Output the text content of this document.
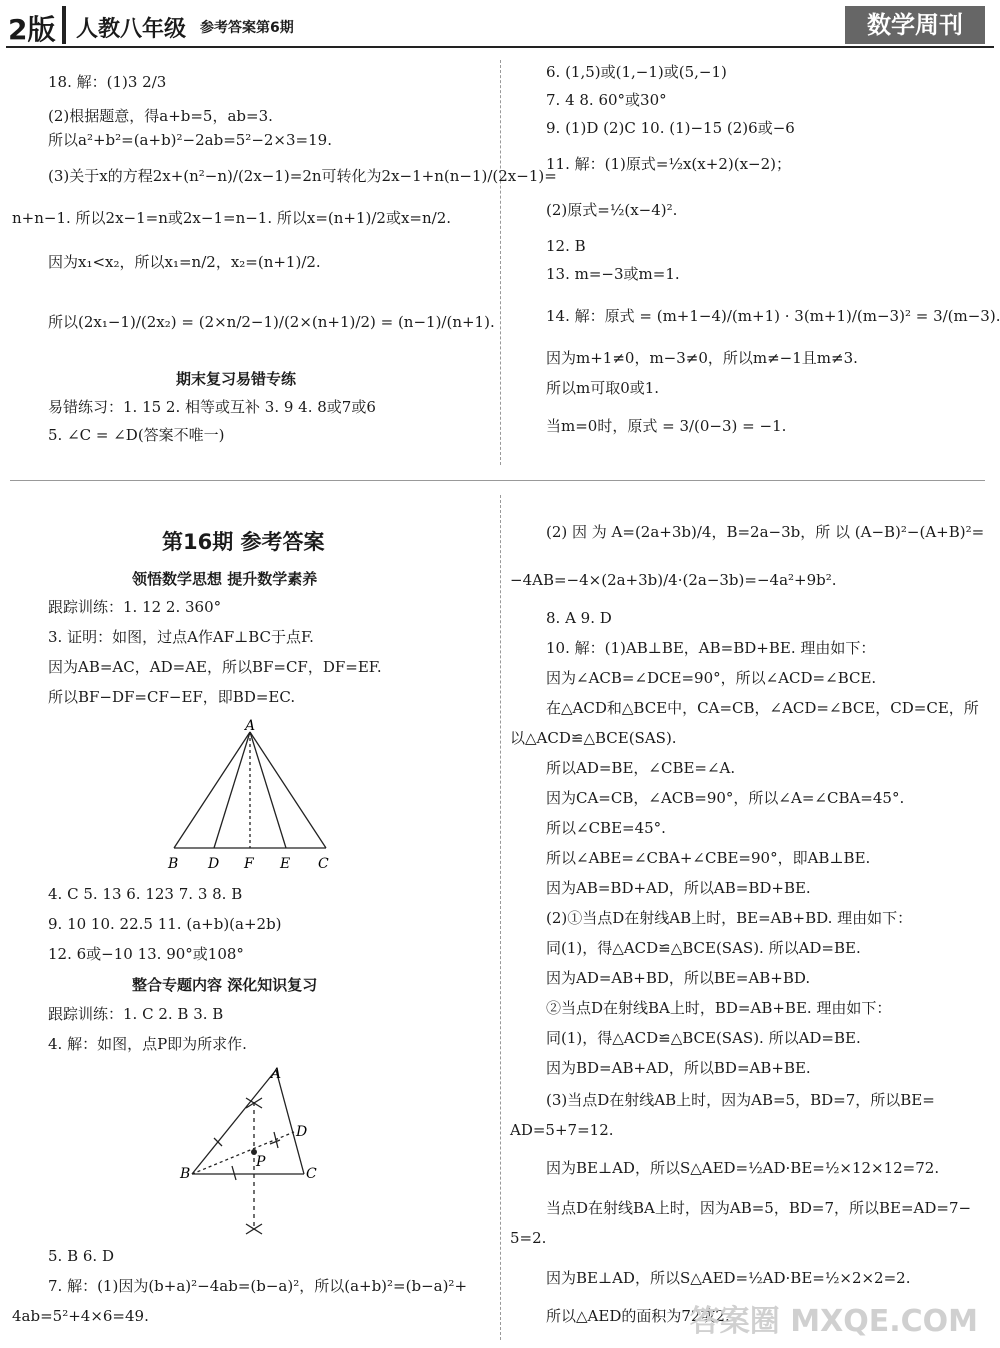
2版 人教八年级 参考答案第6期	数学周刊
18. 解：(1)3 2/3
(2)根据题意，得a+b=5，ab=3.
所以a²+b²=(a+b)²−2ab=5²−2×3=19.
(3)关于x的方程2x+(n²−n)/(2x−1)=2n可转化为2x−1+n(n−1)/(2x−1)=
n+n−1. 所以2x−1=n或2x−1=n−1. 所以x=(n+1)/2或x=n/2.
因为x₁<x₂，所以x₁=n/2，x₂=(n+1)/2.
所以(2x₁−1)/(2x₂) = (2×n/2−1)/(2×(n+1)/2) = (n−1)/(n+1).
期末复习易错专练
易错练习：1. 15 2. 相等或互补 3. 9 4. 8或7或6
5. ∠C = ∠D(答案不唯一)
6. (1,5)或(1,−1)或(5,−1)
7. 4 8. 60°或30°
9. (1)D (2)C 10. (1)−15 (2)6或−6
11. 解：(1)原式=½x(x+2)(x−2)；
(2)原式=½(x−4)².
12. B
13. m=−3或m=1.
14. 解：原式 = (m+1−4)/(m+1) · 3(m+1)/(m−3)² = 3/(m−3).
因为m+1≠0，m−3≠0，所以m≠−1且m≠3.
所以m可取0或1.
当m=0时，原式 = 3/(0−3) = −1.
第16期 参考答案
领悟数学思想 提升数学素养
跟踪训练：1. 12 2. 360°
3. 证明：如图，过点A作AF⊥BC于点F.
因为AB=AC，AD=AE，所以BF=CF，DF=EF.
所以BF−DF=CF−EF，即BD=EC.
A
B D F E C
4. C 5. 13 6. 123 7. 3 8. B
9. 10 10. 22.5 11. (a+b)(a+2b)
12. 6或−10 13. 90°或108°
整合专题内容 深化知识复习
跟踪训练：1. C 2. B 3. B
4. 解：如图，点P即为所求作.
A
B	C
D
P
5. B 6. D
7. 解：(1)因为(b+a)²−4ab=(b−a)²，所以(a+b)²=(b−a)²+
4ab=5²+4×6=49.
(2) 因 为 A=(2a+3b)/4，B=2a−3b，所 以 (A−B)²−(A+B)²=
−4AB=−4×(2a+3b)/4·(2a−3b)=−4a²+9b².
8. A 9. D
10. 解：(1)AB⊥BE，AB=BD+BE. 理由如下：
因为∠ACB=∠DCE=90°，所以∠ACD=∠BCE.
在△ACD和△BCE中，CA=CB，∠ACD=∠BCE，CD=CE，所
以△ACD≌△BCE(SAS).
所以AD=BE，∠CBE=∠A.
因为CA=CB，∠ACB=90°，所以∠A=∠CBA=45°.
所以∠CBE=45°.
所以∠ABE=∠CBA+∠CBE=90°，即AB⊥BE.
因为AB=BD+AD，所以AB=BD+BE.
(2)①当点D在射线AB上时，BE=AB+BD. 理由如下：
同(1)，得△ACD≌△BCE(SAS). 所以AD=BE.
因为AD=AB+BD，所以BE=AB+BD.
②当点D在射线BA上时，BD=AB+BE. 理由如下：
同(1)，得△ACD≌△BCE(SAS). 所以AD=BE.
因为BD=AB+AD，所以BD=AB+BE.
(3)当点D在射线AB上时，因为AB=5，BD=7，所以BE=
AD=5+7=12.
因为BE⊥AD，所以S△AED=½AD·BE=½×12×12=72.
当点D在射线BA上时，因为AB=5，BD=7，所以BE=AD=7−
5=2.
因为BE⊥AD，所以S△AED=½AD·BE=½×2×2=2.
所以△AED的面积为72或2.
答案圈 MXQE.COM
